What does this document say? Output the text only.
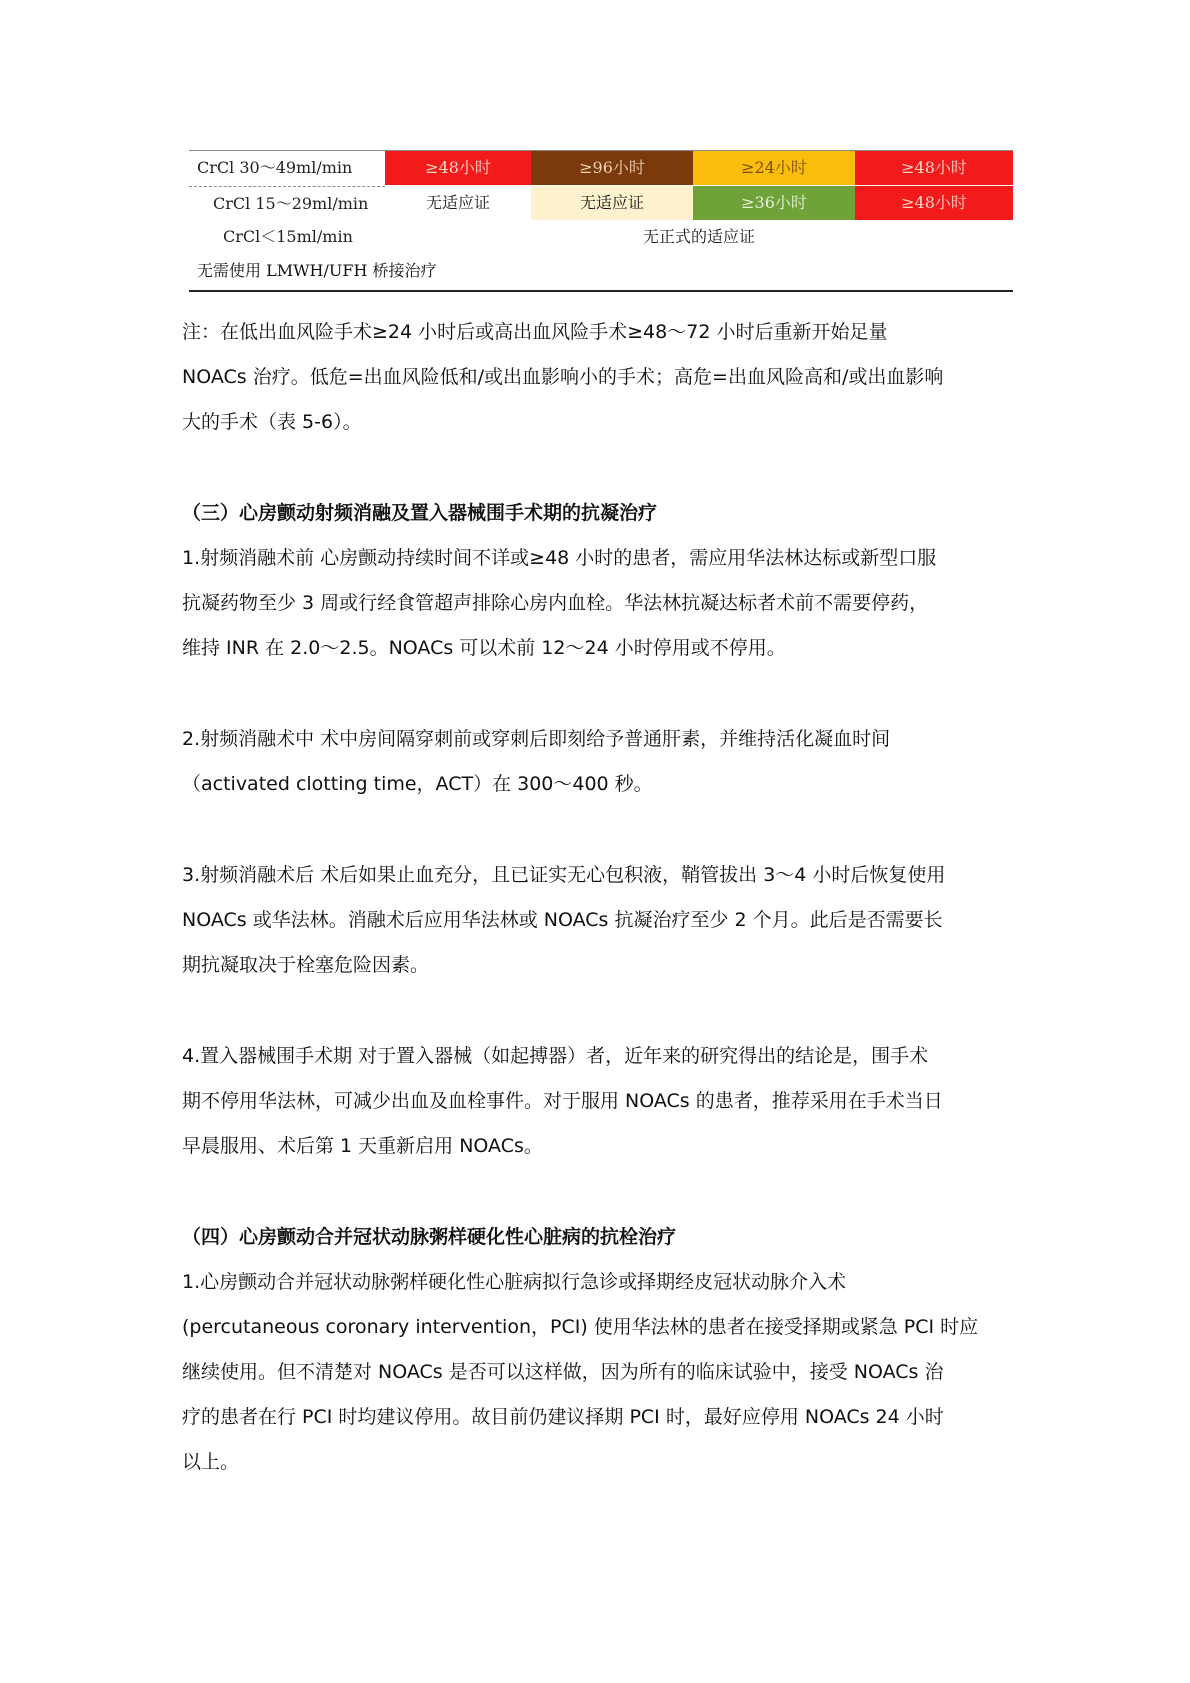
CrCl 30～49ml/min	≥48小时	≥96小时	≥24小时	≥48小时
CrCl 15～29ml/min	无适应证	无适应证	≥36小时	≥48小时
CrCl＜15ml/min	无正式的适应证
无需使用 LMWH/UFH 桥接治疗

注：在低出血风险手术≥24 小时后或高出血风险手术≥48～72 小时后重新开始足量

NOACs 治疗。低危=出血风险低和/或出血影响小的手术；高危=出血风险高和/或出血影响

大的手术（表 5-6）。

（三）心房颤动射频消融及置入器械围手术期的抗凝治疗

1.射频消融术前 心房颤动持续时间不详或≥48 小时的患者，需应用华法林达标或新型口服

抗凝药物至少 3 周或行经食管超声排除心房内血栓。华法林抗凝达标者术前不需要停药，

维持 INR 在 2.0～2.5。NOACs 可以术前 12～24 小时停用或不停用。

2.射频消融术中 术中房间隔穿刺前或穿刺后即刻给予普通肝素，并维持活化凝血时间

（activated clotting time，ACT）在 300～400 秒。

3.射频消融术后 术后如果止血充分，且已证实无心包积液，鞘管拔出 3～4 小时后恢复使用

NOACs 或华法林。消融术后应用华法林或 NOACs 抗凝治疗至少 2 个月。此后是否需要长

期抗凝取决于栓塞危险因素。

4.置入器械围手术期 对于置入器械（如起搏器）者，近年来的研究得出的结论是，围手术

期不停用华法林，可减少出血及血栓事件。对于服用 NOACs 的患者，推荐采用在手术当日

早晨服用、术后第 1 天重新启用 NOACs。

（四）心房颤动合并冠状动脉粥样硬化性心脏病的抗栓治疗

1.心房颤动合并冠状动脉粥样硬化性心脏病拟行急诊或择期经皮冠状动脉介入术

(percutaneous coronary intervention，PCI) 使用华法林的患者在接受择期或紧急 PCI 时应

继续使用。但不清楚对 NOACs 是否可以这样做，因为所有的临床试验中，接受 NOACs 治

疗的患者在行 PCI 时均建议停用。故目前仍建议择期 PCI 时，最好应停用 NOACs 24 小时

以上。
